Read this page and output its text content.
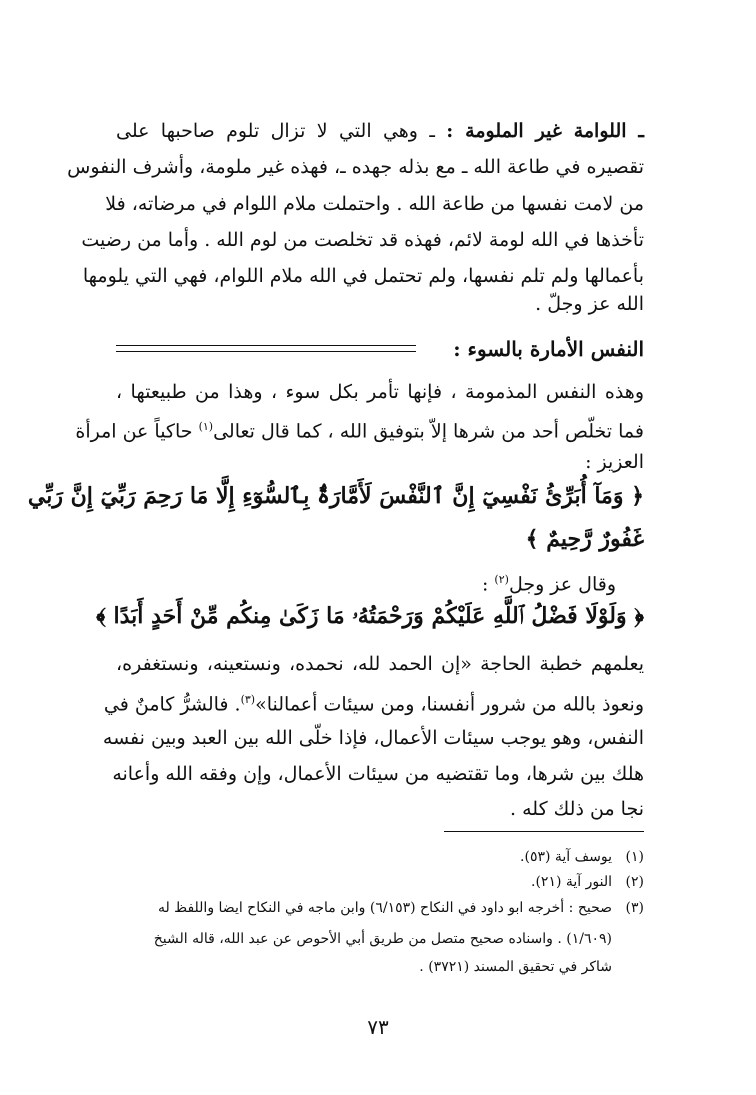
ـ اللوامة غير الملومة : ـ وهي التي لا تزال تلوم صاحبها على
تقصيره في طاعة الله ـ مع بذله جهده ـ، فهذه غير ملومة، وأشرف النفوس
من لامت نفسها من طاعة الله . واحتملت ملام اللوام في مرضاته، فلا
تأخذها في الله لومة لائم، فهذه قد تخلصت من لوم الله . وأما من رضيت
بأعمالها ولم تلم نفسها، ولم تحتمل في الله ملام اللوام، فهي التي يلومها
الله عز وجلّ .
النفس الأمارة بالسوء :
وهذه النفس المذمومة ، فإنها تأمر بكل سوء ، وهذا من طبيعتها ،
فما تخلّص أحد من شرها إلاّ بتوفيق الله ، كما قال تعالى$^{(١)}$ حاكياً عن امرأة
العزيز :
﴿ وَمَآ أُبَرِّئُ نَفْسِيٓ إِنَّ ٱلنَّفْسَ لَأَمَّارَةٌۢ بِٱلسُّوٓءِ إِلَّا مَا رَحِمَ رَبِّيٓ إِنَّ رَبِّي
غَفُورٌ رَّحِيمٌ ﴾
وقال عز وجل$^{(٢)}$ :
﴿ وَلَوْلَا فَضْلُ ٱللَّهِ عَلَيْكُمْ وَرَحْمَتُهُۥ مَا زَكَىٰ مِنكُم مِّنْ أَحَدٍ أَبَدًا ﴾
يعلمهم خطبة الحاجة «إن الحمد لله، نحمده، ونستعينه، ونستغفره،
ونعوذ بالله من شرور أنفسنا، ومن سيئات أعمالنا»$^{(٣)}$. فالشرُّ كامنٌ في
النفس، وهو يوجب سيئات الأعمال، فإذا خلّى الله بين العبد وبين نفسه
هلك بين شرها، وما تقتضيه من سيئات الأعمال، وإن وفقه الله وأعانه
نجا من ذلك كله .
(١)يوسف آية (٥٣).
(٢)النور آية (٢١).
(٣)صحيح : أخرجه ابو داود في النكاح (٦/١٥٣) وابن ماجه في النكاح ايضا واللفظ له
(١/٦٠٩) . واسناده صحيح متصل من طريق أبي الأحوص عن عبد الله، قاله الشيخ
شاكر في تحقيق المسند (٣٧٢١) .
٧٣
